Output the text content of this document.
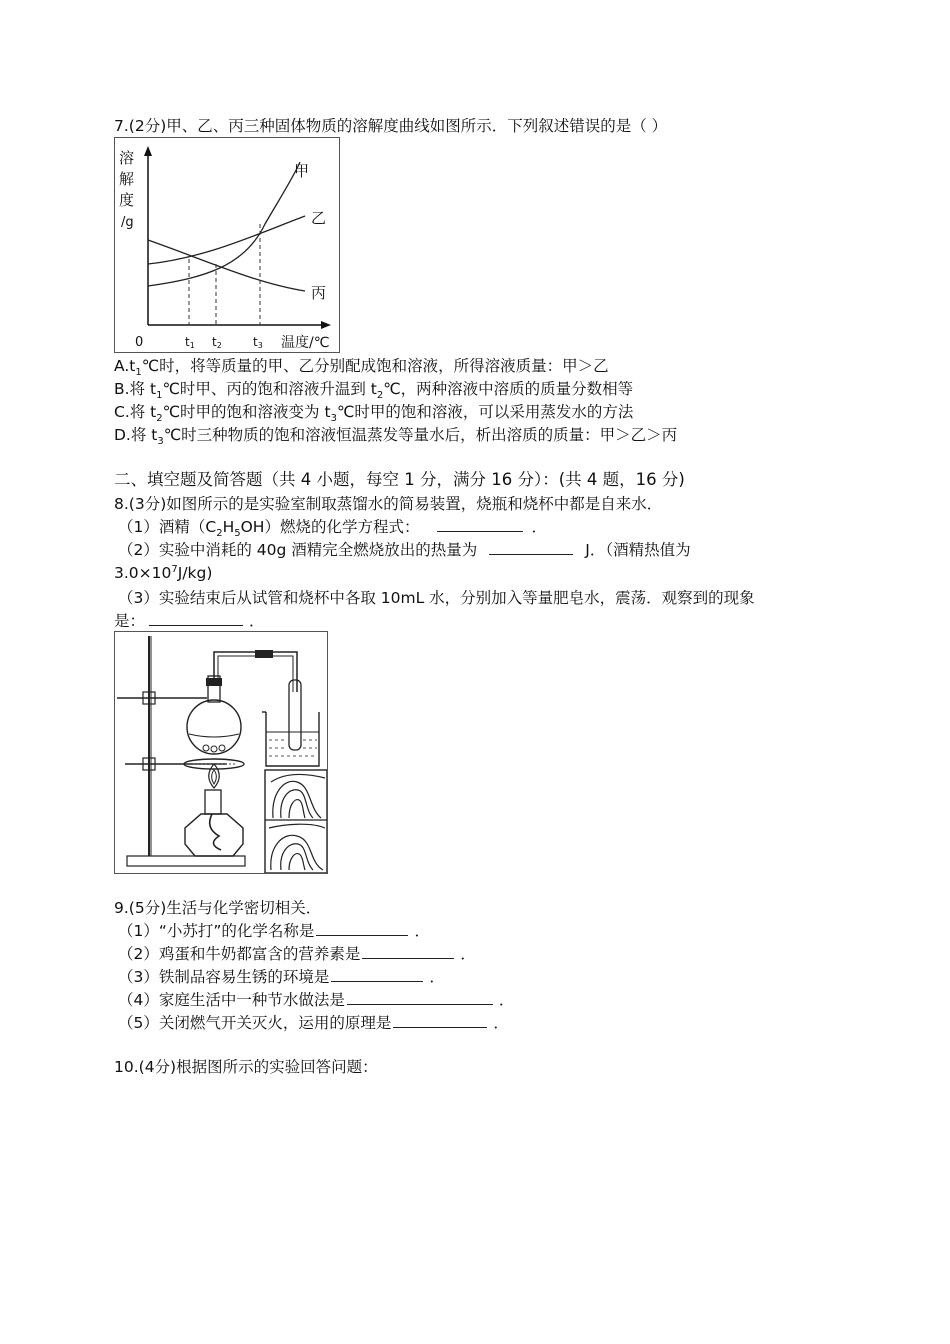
7.(2分)甲、乙、丙三种固体物质的溶解度曲线如图所示．下列叙述错误的是（ ）
溶
解
度
/g
甲
乙
丙
0	t1 t2	t3 温度/℃
$A.t_1℃$时，将等质量的甲、乙分别配成饱和溶液，所得溶液质量：甲＞乙
B.将 $t_1℃$时甲、丙的饱和溶液升温到 $t_2℃$，两种溶液中溶质的质量分数相等
C.将 $t_2℃$时甲的饱和溶液变为 $t_3℃$时甲的饱和溶液，可以采用蒸发水的方法
D.将 $t_3℃$时三种物质的饱和溶液恒温蒸发等量水后，析出溶质的质量：甲＞乙＞丙
二、填空题及简答题（共 4 小题，每空 1 分，满分 16 分）：(共 4 题，16 分)
8.(3分)如图所示的是实验室制取蒸馏水的简易装置，烧瓶和烧杯中都是自来水．
（1）酒精$(C_2H_5OH)$燃烧的化学方程式：	．
（2）实验中消耗的 40g 酒精完全燃烧放出的热量为	J．（酒精热值为
$3.0\times 10^7J/kg$)
（3）实验结束后从试管和烧杯中各取 10mL 水，分别加入等量肥皂水，震荡．观察到的现象
是：	．
9.(5分)生活与化学密切相关．
（1）“小苏打”的化学名称是	．
（2）鸡蛋和牛奶都富含的营养素是	．
（3）铁制品容易生锈的环境是	．
（4）家庭生活中一种节水做法是	．
（5）关闭燃气开关灭火，运用的原理是	．
10.(4分)根据图所示的实验回答问题：
